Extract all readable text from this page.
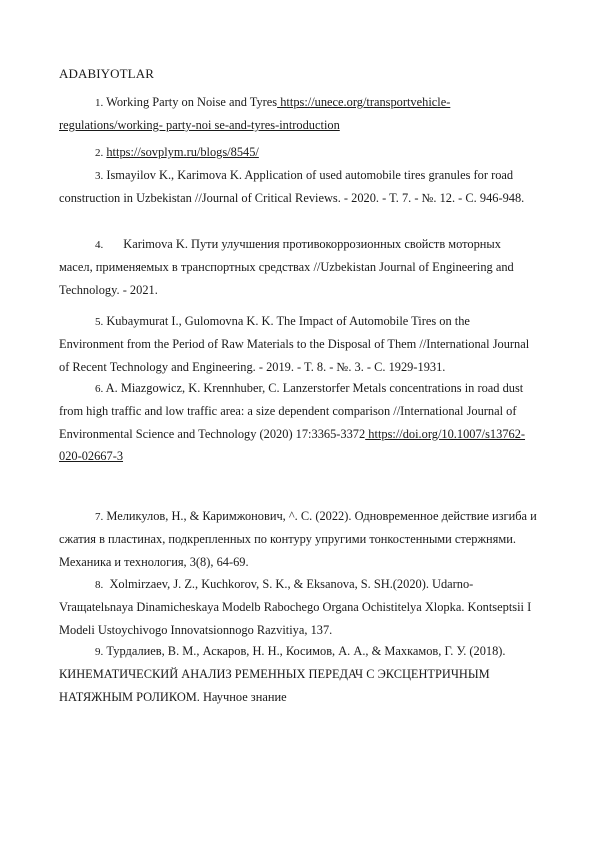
ADABIYOTLAR

1. Working Party on Noise and Tyres https://unece.org/transportvehicle-regulations/working- party-noi se-and-tyres-introduction

2. https://sovplym.ru/blogs/8545/

3. Ismayilov K., Karimova K. Application of used automobile tires granules for road construction in Uzbekistan //Journal of Critical Reviews. - 2020. - T. 7. - №. 12. - C. 946-948.

4. Karimova K. Пути улучшения противокоррозионных свойств моторных масел, применяемых в транспортных средствах //Uzbekistan Journal of Engineering and Technology. - 2021.

5. Kubaymurat I., Gulomovna K. K. The Impact of Automobile Tires on the Environment from the Period of Raw Materials to the Disposal of Them //International Journal of Recent Technology and Engineering. - 2019. - T. 8. - №. 3. - C. 1929-1931.

6. A. Miazgowicz, K. Krennhuber, C. Lanzerstorfer Metals concentrations in road dust from high traffic and low traffic area: a size dependent comparison //International Journal of Environmental Science and Technology (2020) 17:3365-3372 https://doi.org/10.1007/s13762- 020-02667-3

7. Меликулов, Н., & Каримжонович, ^. С. (2022). Одновременное действие изгиба и сжатия в пластинах, подкрепленных по контуру упругими тонкостенными стержнями. Механика и технология, 3(8), 64-69.

8. Xolmirzaev, J. Z., Kuchkorov, S. K., & Eksanova, S. SH.(2020). Udarno-Vraщatelьnaya Dinamicheskaya Modelb Rabochego Organa Ochistitelya Xlopka. Kontseptsii I Modeli Ustoychivogo Innovatsionnogo Razvitiya, 137.

9. Турдалиев, В. М., Аскаров, Н. Н., Косимов, А. А., & Махкамов, Г. У. (2018). КИНЕМАТИЧЕСКИЙ АНАЛИЗ РЕМЕННЫХ ПЕРЕДАЧ С ЭКСЦЕНТРИЧНЫМ НАТЯЖНЫМ РОЛИКОМ. Научное знание
